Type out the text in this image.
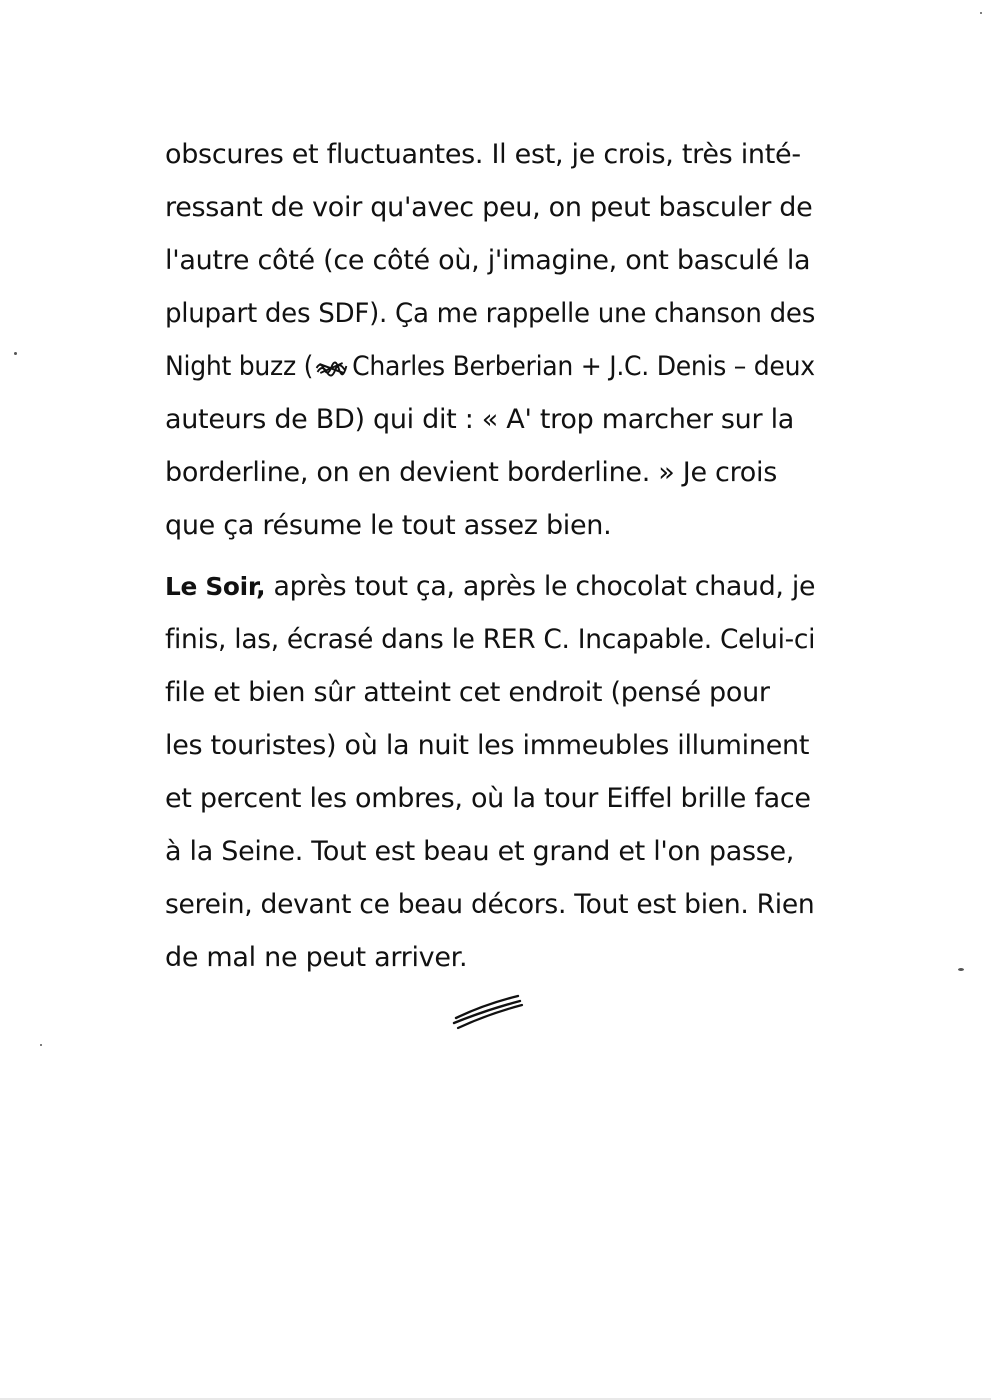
obscures et fluctuantes. Il est, je crois, très inté-
ressant de voir qu'avec peu, on peut basculer de
l'autre côté (ce côté où, j'imagine, ont basculé la
plupart des SDF). Ça me rappelle une chanson des
Night buzz ( Charles Berberian + J.C. Denis – deux
auteurs de BD) qui dit : « A' trop marcher sur la
borderline, on en devient borderline. » Je crois
que ça résume le tout assez bien.
Le Soir, après tout ça, après le chocolat chaud, je
finis, las, écrasé dans le RER C. Incapable. Celui-ci
file et bien sûr atteint cet endroit (pensé pour
les touristes) où la nuit les immeubles illuminent
et percent les ombres, où la tour Eiffel brille face
à la Seine. Tout est beau et grand et l'on passe,
serein, devant ce beau décors. Tout est bien. Rien
de mal ne peut arriver.
